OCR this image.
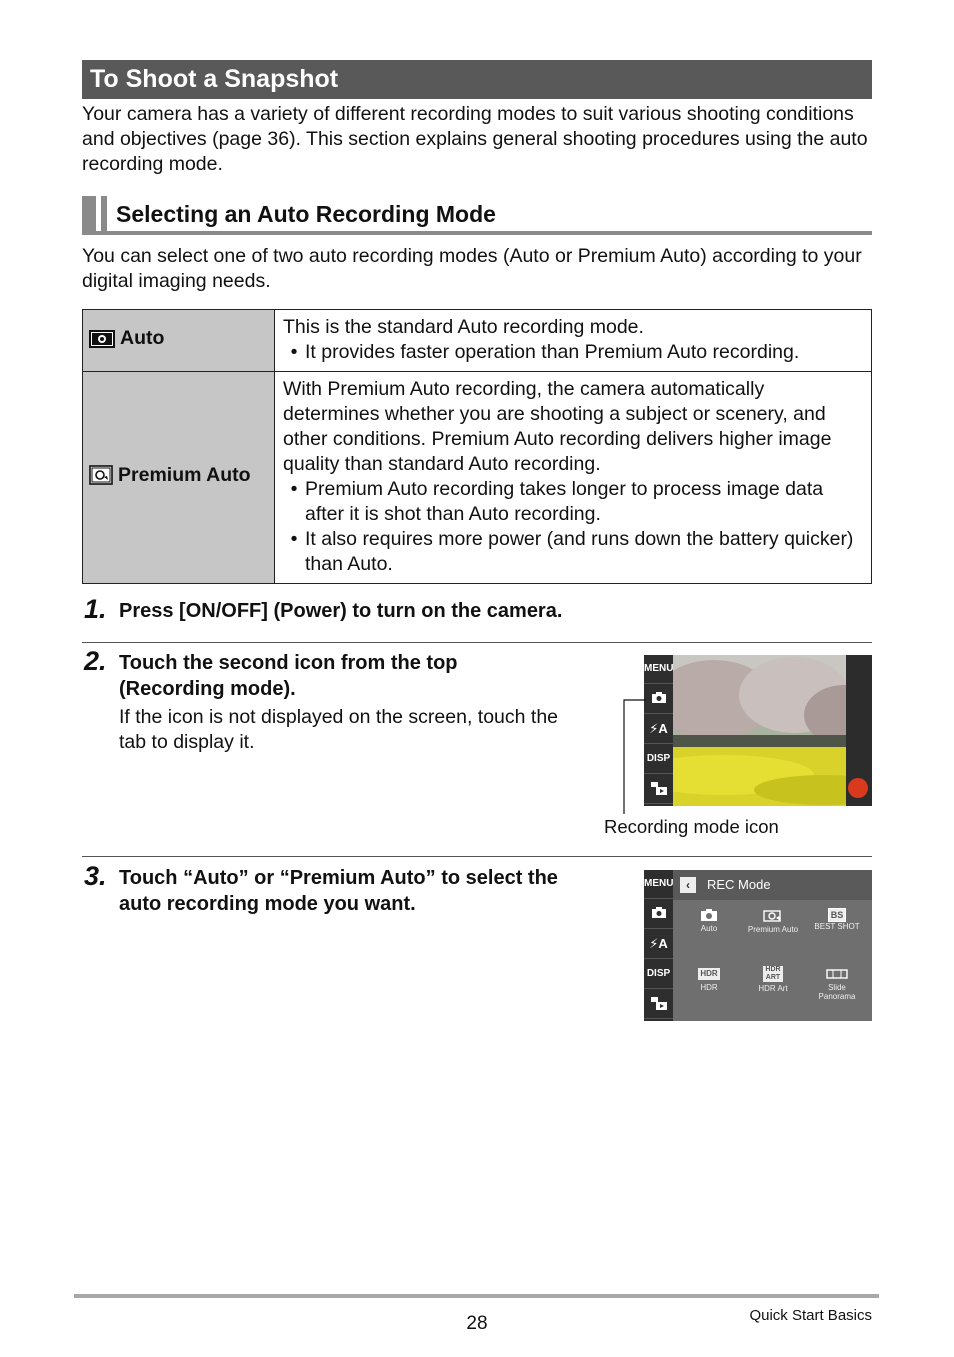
To Shoot a Snapshot
Your camera has a variety of different recording modes to suit various shooting conditions and objectives (page 36). This section explains general shooting procedures using the auto recording mode.
Selecting an Auto Recording Mode
You can select one of two auto recording modes (Auto or Premium Auto) according to your digital imaging needs.
Auto	This is the standard Auto recording mode.
• It provides faster operation than Premium Auto recording.

Premium Auto	With Premium Auto recording, the camera automatically determines whether you are shooting a subject or scenery, and other conditions. Premium Auto recording delivers higher image quality than standard Auto recording.
• Premium Auto recording takes longer to process image data after it is shot than Auto recording.
• It also requires more power (and runs down the battery quicker) than Auto.
1. Press [ON/OFF] (Power) to turn on the camera.
2. Touch the second icon from the top (Recording mode).
If the icon is not displayed on the screen, touch the tab to display it.
MENU
⚡A
DISP
Recording mode icon
3. Touch “Auto” or “Premium Auto” to select the auto recording mode you want.
MENU
⚡A
DISP
‹	REC Mode
Auto	Premium Auto
BS
BEST SHOT
HDR
HDR
HDR ART
HDR Art	Slide Panorama
28	Quick Start Basics
